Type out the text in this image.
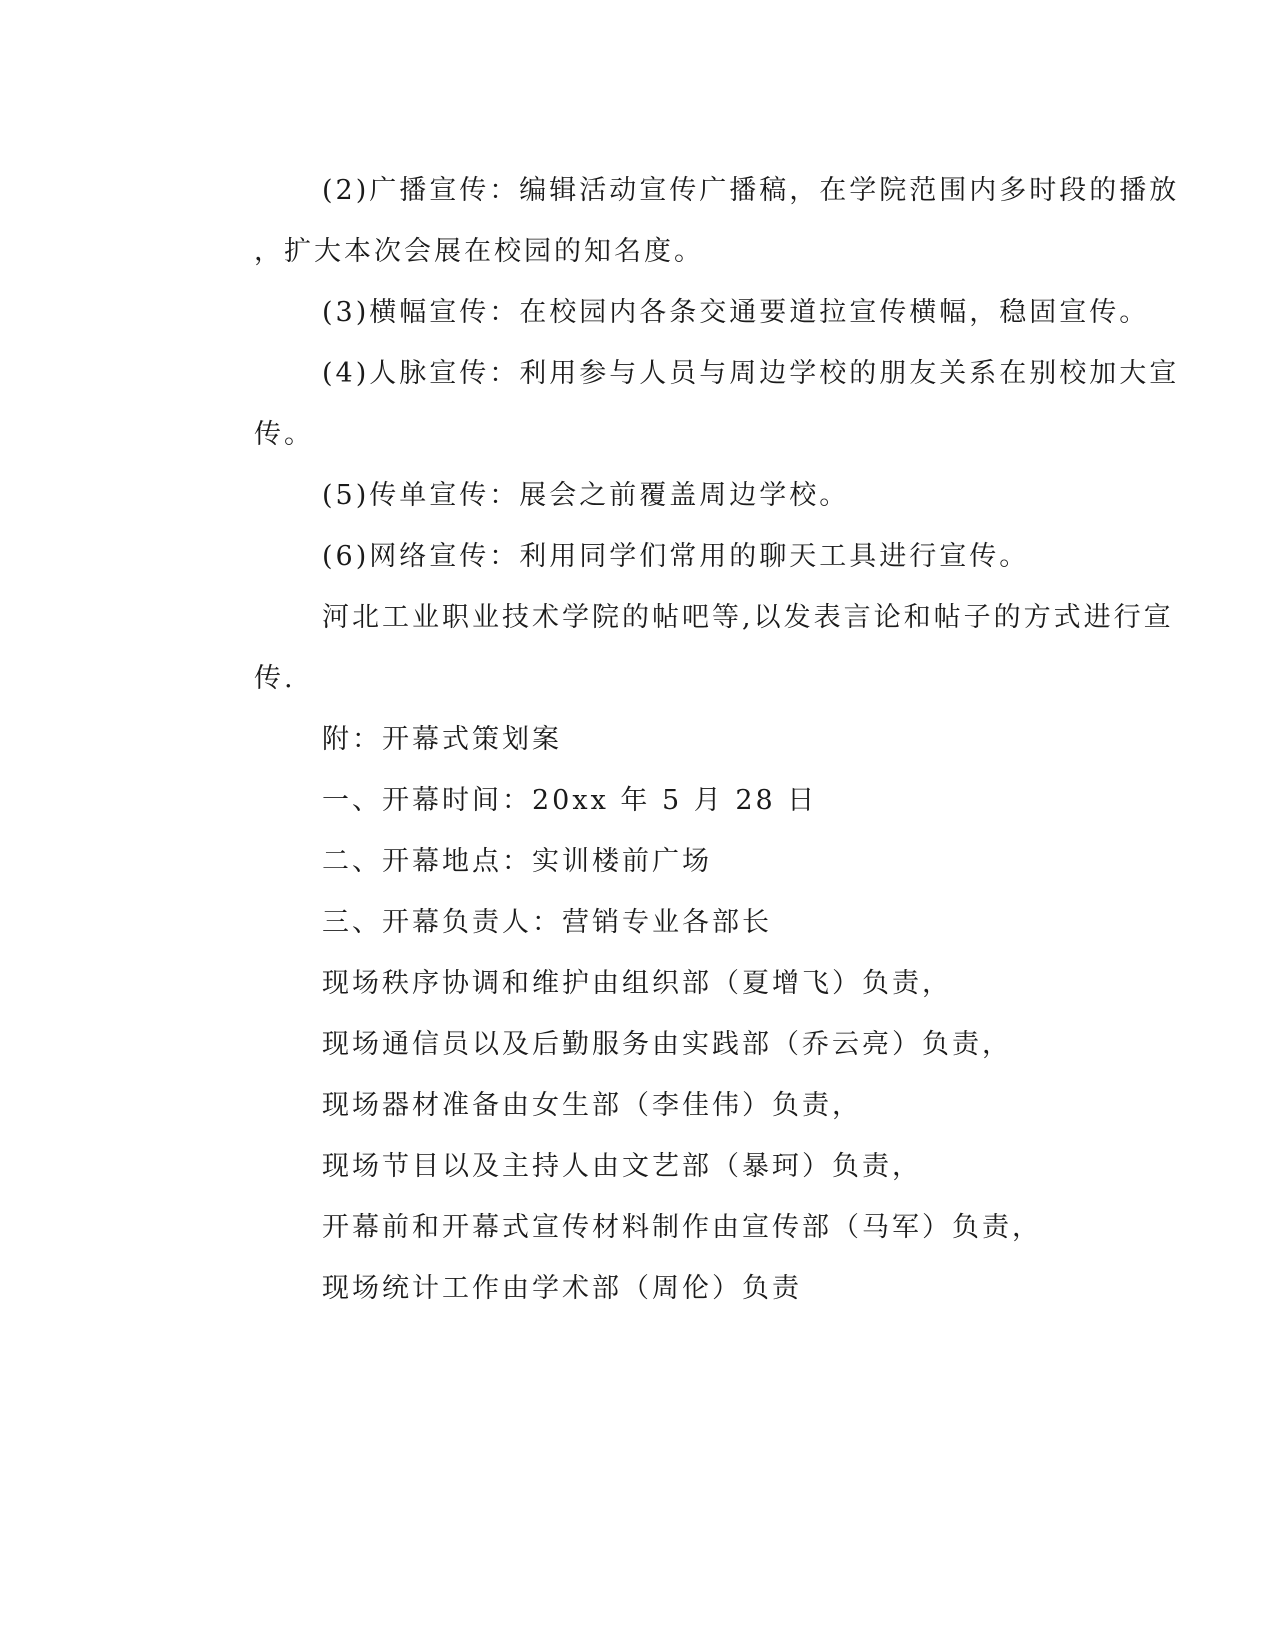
(2)广播宣传：编辑活动宣传广播稿，在学院范围内多时段的播放
，扩大本次会展在校园的知名度。
(3)横幅宣传：在校园内各条交通要道拉宣传横幅，稳固宣传。
(4)人脉宣传：利用参与人员与周边学校的朋友关系在别校加大宣
传。
(5)传单宣传：展会之前覆盖周边学校。
(6)网络宣传：利用同学们常用的聊天工具进行宣传。
河北工业职业技术学院的帖吧等,以发表言论和帖子的方式进行宣
传.
附：开幕式策划案
一、开幕时间：20xx 年 5 月 28 日
二、开幕地点：实训楼前广场
三、开幕负责人：营销专业各部长
现场秩序协调和维护由组织部（夏增飞）负责，
现场通信员以及后勤服务由实践部（乔云亮）负责，
现场器材准备由女生部（李佳伟）负责，
现场节目以及主持人由文艺部（暴珂）负责，
开幕前和开幕式宣传材料制作由宣传部（马军）负责，
现场统计工作由学术部（周伦）负责
